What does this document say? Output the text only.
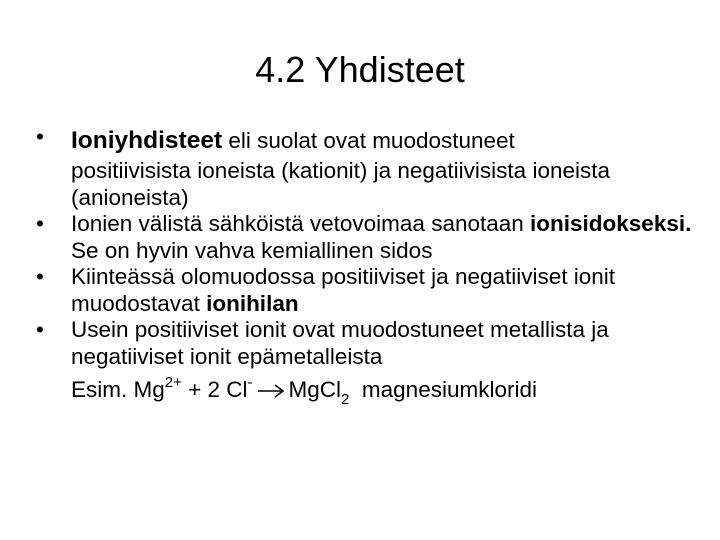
4.2 Yhdisteet
•	Ioniyhdisteet eli suolat ovat muodostuneet
positiivisista ioneista (kationit) ja negatiivisista ioneista (anioneista)
•	Ionien välistä sähköistä vetovoimaa sanotaan ionisidokseksi. Se on hyvin vahva kemiallinen sidos
•	Kiinteässä olomuodossa positiiviset ja negatiiviset ionit muodostavat ionihilan
•	Usein positiiviset ionit ovat muodostuneet metallista ja negatiiviset ionit epämetalleista
Esim. $Mg^{2+} + 2$ Cl- MgCl$_2$ magnesiumkloridi
